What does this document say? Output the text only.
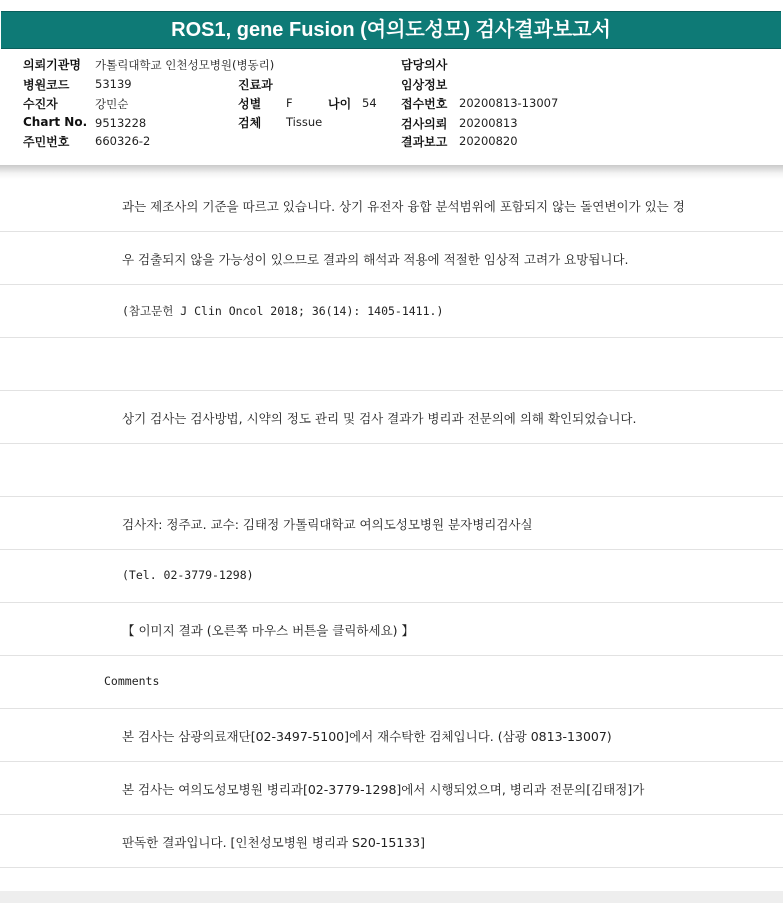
ROS1, gene Fusion (여의도성모) 검사결과보고서
의뢰기관명 가톨릭대학교 인천성모병원(병동리)
병원코드 53139
수진자	강민순
Chart No. 9513228
주민번호 660326-2
진료과
성별 F	나이 54
검체 Tissue
담당의사
임상정보
접수번호 20200813-13007
검사의뢰 20200813
결과보고 20200820
과는 제조사의 기준을 따르고 있습니다. 상기 유전자 융합 분석범위에 포함되지 않는 돌연변이가 있는 경
우 검출되지 않을 가능성이 있으므로 결과의 해석과 적용에 적절한 임상적 고려가 요망됩니다.
(참고문헌 J Clin Oncol 2018; 36(14): 1405-1411.)
상기 검사는 검사방법, 시약의 정도 관리 및 검사 결과가 병리과 전문의에 의해 확인되었습니다.
검사자: 정주교. 교수: 김태정 가톨릭대학교 여의도성모병원 분자병리검사실
(Tel. 02-3779-1298)
【 이미지 결과 (오른쪽 마우스 버튼을 클릭하세요) 】
Comments
본 검사는 삼광의료재단[02-3497-5100]에서 재수탁한 검체입니다. (삼광 0813-13007)
본 검사는 여의도성모병원 병리과[02-3779-1298]에서 시행되었으며, 병리과 전문의[김태정]가
판독한 결과입니다. [인천성모병원 병리과 S20-15133]
